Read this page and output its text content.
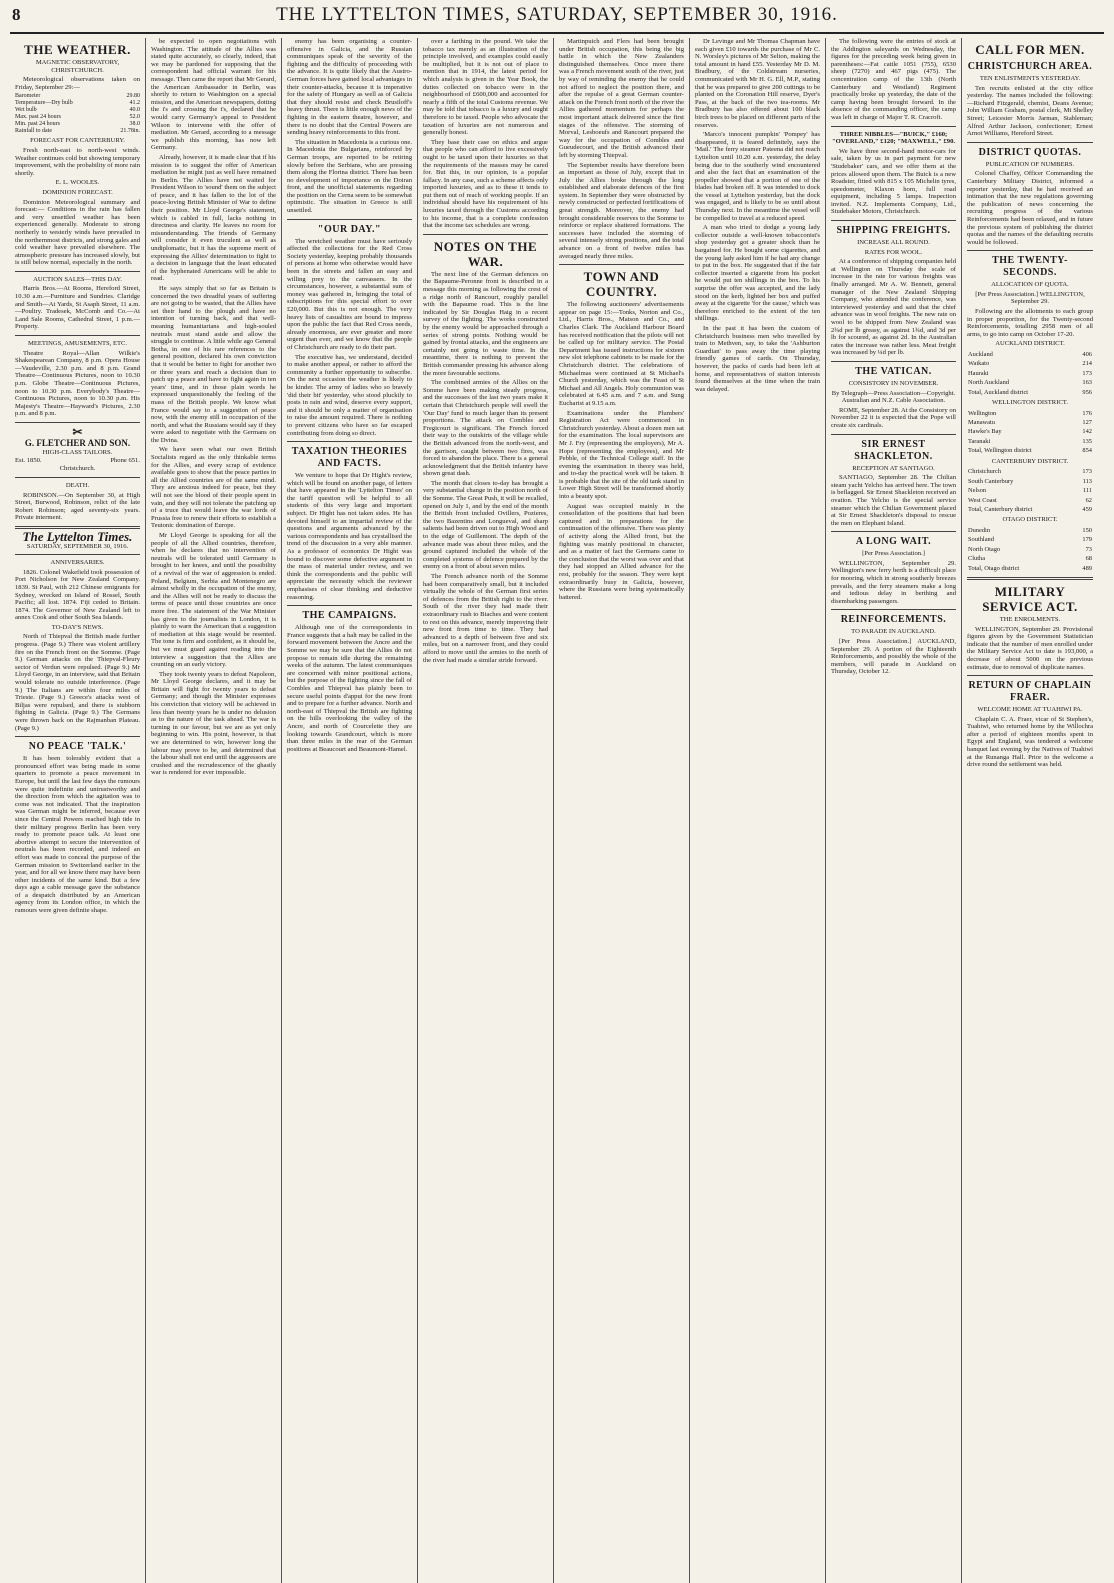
8	THE LYTTELTON TIMES, SATURDAY, SEPTEMBER 30, 1916.
THE WEATHER.
MAGNETIC OBSERVATORY, CHRISTCHURCH.

Meteorological observations taken on Friday, September 29:—

Barometer	29.80
Temperature—Dry bulb	41.2
Wet bulb	40.0
Max. past 24 hours	52.0
Min. past 24 hours	38.0
Rainfall to date	21.78in.
FORECAST FOR CANTERBURY.

Fresh north-east to north-west winds. Weather continues cold but showing temporary improvement, with the probability of more rain shortly.

E. L. WOOLES.
DOMINION FORECAST.

Dominion Meteorological summary and forecast:— Conditions in the rain has fallen and very unsettled weather has been experienced generally. Moderate to strong northerly to westerly winds have prevailed in the northernmost districts, and strong gales and cold weather have prevailed elsewhere. The atmospheric pressure has increased slowly, but is still below normal, especially in the north.

AUCTION SALES—THIS DAY.

Harris Bros.—At Rooms, Hereford Street, 10.30 a.m.—Furniture and Sundries. Claridge and Smith—At Yards, St Asaph Street, 11 a.m.—Poultry. Tradesek, McComb and Co.—At Land Sale Rooms, Cathedral Street, 1 p.m.—Property.

MEETINGS, AMUSEMENTS, ETC.

Theatre Royal—Allan Wilkie's Shakespearean Company, 8 p.m. Opera House—Vaudeville, 2.30 p.m. and 8 p.m. Grand Theatre—Continuous Pictures, noon to 10.30 p.m. Globe Theatre—Continuous Pictures, noon to 10.30 p.m. Everybody's Theatre—Continuous Pictures, noon to 10.30 p.m. His Majesty's Theatre—Hayward's Pictures, 2.30 p.m. and 8 p.m.

✂
G. FLETCHER AND SON.
HIGH-CLASS TAILORS.
Est. 1850.	Phone 651.
Christchurch.
DEATH.

ROBINSON.—On September 30, at High Street, Burwood, Robinson, relict of the late Robert Robinson; aged seventy-six years. Private interment.

The Lyttelton Times.
SATURDAY, SEPTEMBER 30, 1916.
ANNIVERSARIES.

1826. Colonel Wakefield took possession of Port Nicholson for New Zealand Company. 1839. St Paul, with 212 Chinese emigrants for Sydney, wrecked on Island of Rossel, South Pacific; all lost. 1874. Fiji ceded to Britain. 1874. The Governor of New Zealand left to annex Cook and other South Sea Islands.

TO-DAY'S NEWS.

North of Thiepval the British made further progress. (Page 9.) There was violent artillery fire on the French front on the Somme. (Page 9.) German attacks on the Thiepval-Fleury sector of Verdun were repulsed. (Page 9.) Mr Lloyd George, in an interview, said that Britain would tolerate no outside interference. (Page 9.) The Italians are within four miles of Trieste. (Page 9.) Greece's attacks west of Biljas were repulsed, and there is stubborn fighting in Galicia. (Page 9.) The Germans were thrown back on the Rajmanban Plateau. (Page 9.)

NO PEACE 'TALK.'

It has been tolerably evident that a pronounced effort was being made in some quarters to promote a peace movement in Europe, but until the last few days the rumours were quite indefinite and untrustworthy and the direction from which the agitation was to come was not indicated. That the inspiration was German might be inferred, because ever since the Central Powers reached high tide in their military progress Berlin has been very ready to promote peace talk. At least one abortive attempt to secure the intervention of neutrals has been recorded, and indeed an effort was made to conceal the purpose of the German mission to Switzerland earlier in the year, and for all we know there may have been other incidents of the same kind. But a few days ago a cable message gave the substance of a despatch distributed by an American agency from its London office, in which the rumours were given definite shape.

be expected to open negotiations with Washington. The attitude of the Allies was stated quite accurately, so clearly, indeed, that we may be pardoned for supposing that the correspondent had official warrant for his message. Then came the report that Mr Gerard, the American Ambassador in Berlin, was shortly to return to Washington on a special mission, and the American newspapers, dotting the i's and crossing the t's, declared that he would carry Germany's appeal to President Wilson to intervene with the offer of mediation. Mr Gerard, according to a message we publish this morning, has now left Germany.

Already, however, it is made clear that if his mission is to suggest the offer of American mediation he might just as well have remained in Berlin. The Allies have not waited for President Wilson to 'sound' them on the subject of peace, and it has fallen to the lot of the peace-loving British Minister of War to define their position. Mr Lloyd George's statement, which is cabled in full, lacks nothing in directness and clarity. He leaves no room for misunderstanding. The friends of Germany will consider it even truculent as well as undiplomatic, but it has the supreme merit of expressing the Allies' determination to fight to a decision in language that the least educated of the hyphenated Americans will be able to read.

He says simply that so far as Britain is concerned the two dreadful years of suffering are not going to be wasted, that the Allies have set their hand to the plough and have no intention of turning back, and that well-meaning humanitarians and high-souled neutrals must stand aside and allow the struggle to continue. A little while ago General Botha, in one of his rare references to the general position, declared his own conviction that it would be better to fight for another two or three years and reach a decision than to patch up a peace and have to fight again in ten years' time, and in those plain words he expressed unquestionably the feeling of the mass of the British people. We know what France would say to a suggestion of peace now, with the enemy still in occupation of the north, and what the Russians would say if they were asked to negotiate with the Germans on the Dvina.

We have seen what our own British Socialists regard as the only thinkable terms for the Allies, and every scrap of evidence available goes to show that the peace parties in all the Allied countries are of the same mind. They are anxious indeed for peace, but they will not see the blood of their people spent in vain, and they will not tolerate the patching up of a truce that would leave the war lords of Prussia free to renew their efforts to establish a Teutonic domination of Europe.

Mr Lloyd George is speaking for all the people of all the Allied countries, therefore, when he declares that no intervention of neutrals will be tolerated until Germany is brought to her knees, and until the possibility of a revival of the war of aggression is ended. Poland, Belgium, Serbia and Montenegro are almost wholly in the occupation of the enemy, and the Allies will not be ready to discuss the terms of peace until those countries are once more free. The statement of the War Minister has given to the journalists in London, it is plainly to warn the American that a suggestion of mediation at this stage would be resented. The tone is firm and confident, as it should be, but we must guard against reading into the interview a suggestion that the Allies are counting on an early victory.

They took twenty years to defeat Napoleon, Mr Lloyd George declares, and it may be Britain will fight for twenty years to defeat Germany; and though the Minister expresses his conviction that victory will be achieved in less than twenty years he is under no delusion as to the nature of the task ahead. The war is turning in our favour, but we are as yet only beginning to win. His point, however, is that we are determined to win, however long the labour may prove to be, and determined that the labour shall not end until the aggressors are crushed and the recrudescence of the ghastly war is rendered for ever impossible.

enemy has been organising a counter-offensive in Galicia, and the Russian communiques speak of the severity of the fighting and the difficulty of proceeding with the advance. It is quite likely that the Austro-German forces have gained local advantages in their counter-attacks, because it is imperative for the safety of Hungary as well as of Galicia that they should resist and check Brusiloff's heavy thrust. There is little enough news of the fighting in the eastern theatre, however, and there is no doubt that the Central Powers are sending heavy reinforcements to this front.

The situation in Macedonia is a curious one. In Macedonia the Bulgarians, reinforced by German troops, are reported to be retiring slowly before the Serbians, who are pressing them along the Florina district. There has been no development of importance on the Doiran front, and the unofficial statements regarding the position on the Cerna seem to be somewhat optimistic. The situation in Greece is still unsettled.

"OUR DAY."

The wretched weather must have seriously affected the collections for the Red Cross Society yesterday, keeping probably thousands of persons at home who otherwise would have been in the streets and fallen an easy and willing prey to the canvassers. In the circumstances, however, a substantial sum of money was gathered in, bringing the total of subscriptions for this special effort to over £20,000. But this is not enough. The very heavy lists of casualties are bound to impress upon the public the fact that Red Cross needs, already enormous, are ever greater and more urgent than ever, and we know that the people of Christchurch are ready to do their part.

The executive has, we understand, decided to make another appeal, or rather to afford the community a further opportunity to subscribe. On the next occasion the weather is likely to be kinder. The army of ladies who so bravely 'did their bit' yesterday, who stood pluckily to posts in rain and wind, deserve every support, and it should be only a matter of organisation to raise the amount required. There is nothing to prevent citizens who have so far escaped contributing from doing so direct.

TAXATION THEORIES AND FACTS.

We venture to hope that Dr Hight's review, which will be found on another page, of letters that have appeared in the 'Lyttelton Times' on the tariff question will be helpful to all students of this very large and important subject. Dr Hight has not taken sides. He has devoted himself to an impartial review of the questions and arguments advanced by the various correspondents and has crystallised the trend of the discussion in a very able manner. As a professor of economics Dr Hight was bound to discover some defective argument in the mass of material under review, and we think the correspondents and the public will appreciate the necessity which the reviewer emphasises of clear thinking and deductive reasoning.

THE CAMPAIGNS.

Although one of the correspondents in France suggests that a halt may be called in the forward movement between the Ancre and the Somme we may be sure that the Allies do not propose to remain idle during the remaining weeks of the autumn. The latest communiques are concerned with minor positional actions, but the purpose of the fighting since the fall of Combles and Thiepval has plainly been to secure useful points d'appui for the new front and to prepare for a further advance. North and north-east of Thiepval the British are fighting on the hills overlooking the valley of the Ancre, and north of Courcelette they are looking towards Grandcourt, which is more than three miles in the rear of the German positions at Beaucourt and Beaumont-Hamel.

over a farthing in the pound. We take the tobacco tax merely as an illustration of the principle involved, and examples could easily be multiplied, but it is not out of place to mention that in 1914, the latest period for which analysis is given in the Year Book, the duties collected on tobacco were in the neighbourhood of £600,000 and accounted for nearly a fifth of the total Customs revenue. We may be told that tobacco is a luxury and ought therefore to be taxed. People who advocate the taxation of luxuries are not numerous and generally honest.

They base their case on ethics and argue that people who can afford to live excessively ought to be taxed upon their luxuries so that the requirements of the masses may be cared for. But this, in our opinion, is a popular fallacy. In any case, such a scheme affects only imported luxuries, and as to these it tends to put them out of reach of working people. If an individual should have his requirement of his luxuries taxed through the Customs according to his income, that is a complete confession that the income tax schedules are wrong.

NOTES ON THE WAR.

The next line of the German defences on the Bapaume-Peronne front is described in a message this morning as following the crest of a ridge north of Rancourt, roughly parallel with the Bapaume road. This is the line indicated by Sir Douglas Haig in a recent survey of the fighting. The works constructed by the enemy would be approached through a series of strong points. Nothing would be gained by frontal attacks, and the engineers are certainly not going to waste time. In the meantime, there is nothing to prevent the British commander pressing his advance along the more favourable sections.

The combined armies of the Allies on the Somme have been making steady progress, and the successes of the last two years make it certain that Christchurch people will swell the 'Our Day' fund to much larger than its present proportions. The attack on Combles and Fregicourt is significant. The French forced their way to the outskirts of the village while the British advanced from the north-west, and the garrison, caught between two fires, was forced to abandon the place. There is a general acknowledgment that the British infantry have shown great dash.

The month that closes to-day has brought a very substantial change in the position north of the Somme. The Great Push, it will be recalled, opened on July 1, and by the end of the month the British front included Ovillers, Pozieres, the two Bazentins and Longueval, and sharp salients had been driven out to High Wood and to the edge of Guillemont. The depth of the advance made was about three miles, and the ground captured included the whole of the completed systems of defence prepared by the enemy on a front of about seven miles.

The French advance north of the Somme had been comparatively small, but it included virtually the whole of the German first series of defences from the British right to the river. South of the river they had made their extraordinary rush to Biaches and were content to rest on this advance, merely improving their new front from time to time. They had advanced to a depth of between five and six miles, but on a narrower front, and they could afford to move until the armies to the north of the river had made a similar stride forward.

Martinpuich and Flers had been brought under British occupation, this being the big battle in which the New Zealanders distinguished themselves. Once more there was a French movement south of the river, just by way of reminding the enemy that he could not afford to neglect the position there, and after the repulse of a great German counter-attack on the French front north of the river the Allies gathered momentum for perhaps the most important attack delivered since the first stages of the offensive. The storming of Morval, Lesboeufs and Rancourt prepared the way for the occupation of Combles and Gueudecourt, and the British advanced their left by storming Thiepval.

The September results have therefore been as important as those of July, except that in July the Allies broke through the long established and elaborate defences of the first system. In September they were obstructed by newly constructed or perfected fortifications of great strength. Moreover, the enemy had brought considerable reserves to the Somme to reinforce or replace shattered formations. The successes have included the storming of several intensely strong positions, and the total advance on a front of twelve miles has averaged nearly three miles.

TOWN AND COUNTRY.

The following auctioneers' advertisements appear on page 15:—Tonks, Norton and Co., Ltd., Harris Bros., Matson and Co., and Charles Clark. The Auckland Harbour Board has received notification that the pilots will not be called up for military service. The Postal Department has issued instructions for sixteen new slot telephone cabinets to be made for the Christchurch district. The celebrations of Michaelmas were continued at St Michael's Church yesterday, which was the Feast of St Michael and All Angels. Holy communion was celebrated at 6.45 a.m. and 7 a.m. and Sung Eucharist at 9.15 a.m.

Examinations under the Plumbers' Registration Act were commenced in Christchurch yesterday. About a dozen men sat for the examination. The local supervisors are Mr J. Fry (representing the employers), Mr A. Hope (representing the employees), and Mr Pebble, of the Technical College staff. In the evening the examination in theory was held, and to-day the practical work will be taken. It is probable that the site of the old tank stand in Lower High Street will be transformed shortly into a beauty spot.

August was occupied mainly in the consolidation of the positions that had been captured and in preparations for the continuation of the offensive. There was plenty of activity along the Allied front, but the fighting was mainly positional in character, and as a matter of fact the Germans came to the conclusion that the worst was over and that they had stopped an Allied advance for the rest, probably for the season. They were kept extraordinarily busy in Galicia, however, where the Russians were being systematically battered.

Dr Levinge and Mr Thomas Chapman have each given £10 towards the purchase of Mr C. N. Worsley's pictures of Mr Selton, making the total amount in hand £55. Yesterday Mr D. M. Bradbury, of the Coldstream nurseries, communicated with Mr H. G. Ell, M.P., stating that he was prepared to give 200 cuttings to be planted on the Coronation Hill reserve, Dyer's Pass, at the back of the two tea-rooms. Mr Bradbury has also offered about 100 black birch trees to be placed on different parts of the reserves.

'Marco's innocent pumpkin' 'Pompey' has disappeared, it is feared definitely, says the 'Mail.' The ferry steamer Pateena did not reach Lyttelton until 10.20 a.m. yesterday, the delay being due to the southerly wind encountered and also the fact that an examination of the propeller showed that a portion of one of the blades had broken off. It was intended to dock the vessel at Lyttelton yesterday, but the dock was engaged, and is likely to be so until about Thursday next. In the meantime the vessel will be compelled to travel at a reduced speed.

A man who tried to dodge a young lady collector outside a well-known tobacconist's shop yesterday got a greater shock than he bargained for. He bought some cigarettes, and the young lady asked him if he had any change to put in the box. He suggested that if the fair collector inserted a cigarette from his pocket he would put ten shillings in the box. To his surprise the offer was accepted, and the lady stood on the kerb, lighted her box and puffed away at the cigarette 'for the cause,' which was therefore enriched to the extent of the ten shillings.

In the past it has been the custom of Christchurch business men who travelled by train to Methven, say, to take the 'Ashburton Guardian' to pass away the time playing friendly games of cards. On Thursday, however, the packs of cards had been left at home, and representatives of station interests found themselves at the time when the train was delayed.

The following were the entries of stock at the Addington saleyards on Wednesday, the figures for the preceding week being given in parentheses:—Fat cattle 1051 (755), 6530 sheep (7270) and 467 pigs (475). The concentration camp of the 13th (North Canterbury and Westland) Regiment practically broke up yesterday, the date of the camp having been brought forward. In the absence of the commanding officer, the camp was left in charge of Major T. R. Cracroft.

THREE NIBBLES—"BUICK," £160; "OVERLAND," £120; "MAXWELL," £90.

We have three second-hand motor-cars for sale, taken by us in part payment for new 'Studebaker' cars, and we offer them at the prices allowed upon them. The Buick is a new Roadster, fitted with 815 x 105 Michelin tyres, speedometer, Klaxon horn, full road equipment, including 5 lamps. Inspection invited. N.Z. Implements Company, Ltd., Studebaker Motors, Christchurch.

SHIPPING FREIGHTS.
INCREASE ALL ROUND.
RATES FOR WOOL.

At a conference of shipping companies held at Wellington on Thursday the scale of increase in the rate for various freights was finally arranged. Mr A. W. Bennett, general manager of the New Zealand Shipping Company, who attended the conference, was interviewed yesterday and said that the chief advance was in wool freights. The new rate on wool to be shipped from New Zealand was 2¾d per lb greasy, as against 1¾d, and 3d per lb for scoured, as against 2d. In the Australian rates the increase was rather less. Meat freight was increased by ¼d per lb.

THE VATICAN.
CONSISTORY IN NOVEMBER.
By Telegraph—Press Association—Copyright. Australian and N.Z. Cable Association.

ROME, September 28. At the Consistory on November 22 it is expected that the Pope will create six cardinals.

SIR ERNEST SHACKLETON.
RECEPTION AT SANTIAGO.

SANTIAGO, September 28. The Chilian steam yacht Yelcho has arrived here. The town is beflagged. Sir Ernest Shackleton received an ovation. The Yelcho is the special service steamer which the Chilian Government placed at Sir Ernest Shackleton's disposal to rescue the men on Elephant Island.

A LONG WAIT.
[Per Press Association.]

WELLINGTON, September 29. Wellington's new ferry berth is a difficult place for mooring, which in strong southerly breezes prevails, and the ferry steamers make a long and tedious delay in berthing and disembarking passengers.

REINFORCEMENTS.
TO PARADE IN AUCKLAND.

[Per Press Association.] AUCKLAND, September 29. A portion of the Eighteenth Reinforcements, and possibly the whole of the members, will parade in Auckland on Thursday, October 12.

CALL FOR MEN.
CHRISTCHURCH AREA.
TEN ENLISTMENTS YESTERDAY.

Ten recruits enlisted at the city office yesterday. The names included the following:—Richard Fitzgerald, chemist, Deans Avenue; John William Graham, postal clerk, Mt Shelley Street; Leicester Morris Jarman, Stableman; Alfred Arthur Jackson, confectioner; Ernest Arnot Williams, Hereford Street.

DISTRICT QUOTAS.
PUBLICATION OF NUMBERS.

Colonel Chaffey, Officer Commanding the Canterbury Military District, informed a reporter yesterday, that he had received an intimation that the new regulations governing the publication of news concerning the recruiting progress of the various Reinforcements had been relaxed, and in future the previous system of publishing the district quotas and the names of the defaulting recruits would be followed.

THE TWENTY-SECONDS.
ALLOCATION OF QUOTA.
[Per Press Association.] WELLINGTON, September 29.

Following are the allotments to each group in proper proportion, for the Twenty-second Reinforcements, totalling 2958 men of all arms, to go into camp on October 17-20.

AUCKLAND DISTRICT.
Auckland	406
Waikato	214
Hauraki	173
North Auckland	163
Total, Auckland district	956
WELLINGTON DISTRICT.
Wellington	176
Manawatu	127
Hawke's Bay	142
Taranaki	135
Total, Wellington district	854
CANTERBURY DISTRICT.
Christchurch	173
South Canterbury	113
Nelson	111
West Coast	62
Total, Canterbury district	459
OTAGO DISTRICT.
Dunedin	150
Southland	179
North Otago	73
Clutha	68
Total, Otago district	489
MILITARY SERVICE ACT.
THE ENROLMENTS.

WELLINGTON, September 29. Provisional figures given by the Government Statistician indicate that the number of men enrolled under the Military Service Act to date is 193,000, a decrease of about 5000 on the previous estimate, due to removal of duplicate names.

RETURN OF CHAPLAIN FRAER.
WELCOME HOME AT TUAHIWI PA.

Chaplain C. A. Fraer, vicar of St Stephen's, Tuahiwi, who returned home by the Willochra after a period of eighteen months spent in Egypt and England, was tendered a welcome banquet last evening by the Natives of Tuahiwi at the Runanga Hall. Prior to the welcome a drive round the settlement was held.
